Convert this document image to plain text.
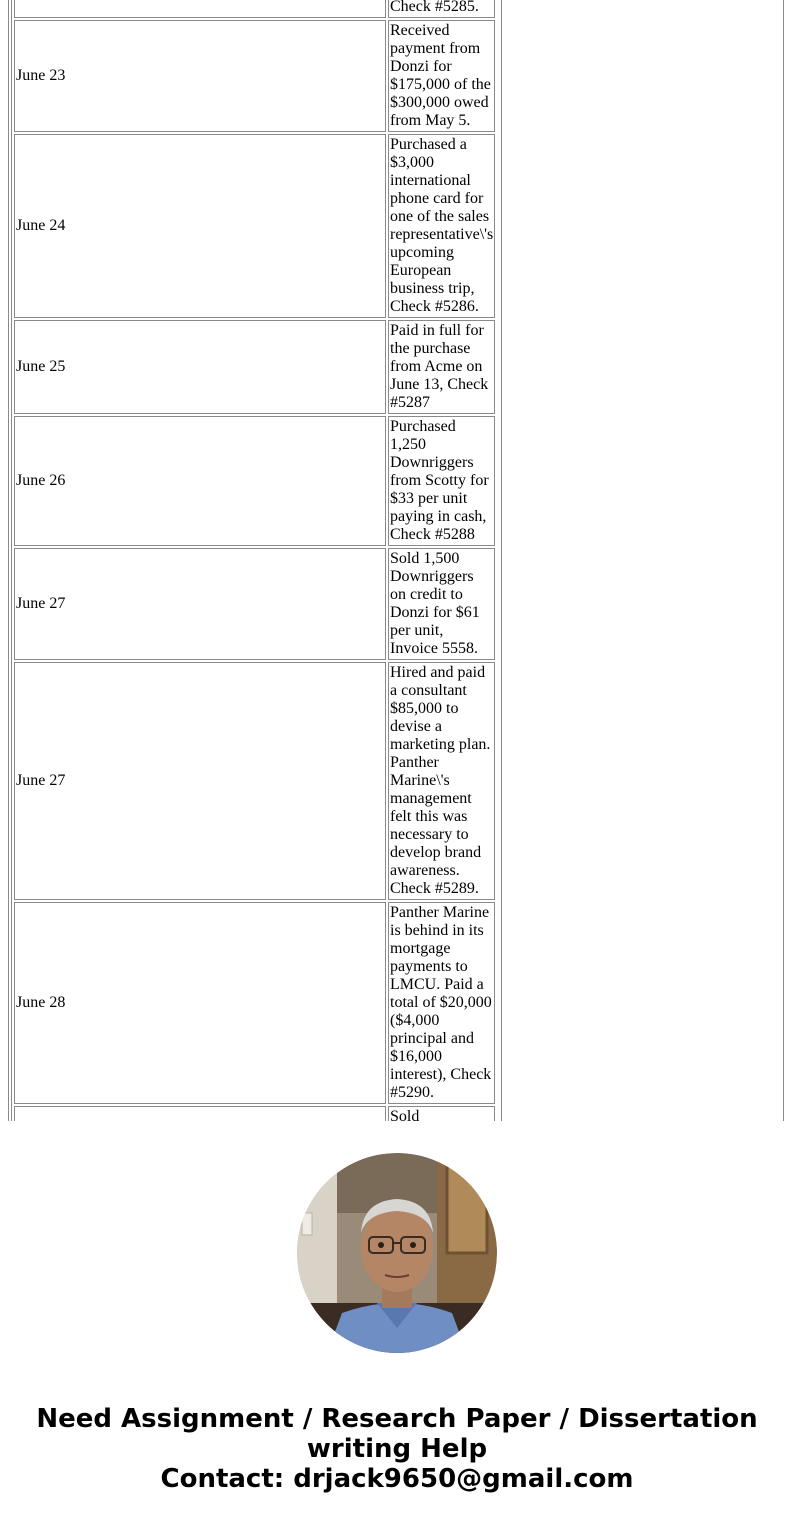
	Check #5285.
June 23	Received payment from Donzi for $175,000 of the $300,000 owed from May 5.
June 24	Purchased a $3,000 international phone card for one of the sales representative\'s upcoming European business trip, Check #5286.
June 25	Paid in full for the purchase from Acme on June 13, Check #5287
June 26	Purchased 1,250 Downriggers from Scotty for $33 per unit paying in cash, Check #5288
June 27	Sold 1,500 Downriggers on credit to Donzi for $61 per unit, Invoice 5558.
June 27	Hired and paid a consultant $85,000 to devise a marketing plan. Panther Marine\'s management felt this was necessary to develop brand awareness. Check #5289.
June 28	Panther Marine is behind in its mortgage payments to LMCU. Paid a total of $20,000 ($4,000 principal and $16,000 interest), Check #5290.
	Sold
Need Assignment / Research Paper / Dissertation
writing Help
Contact: drjack9650@gmail.com
